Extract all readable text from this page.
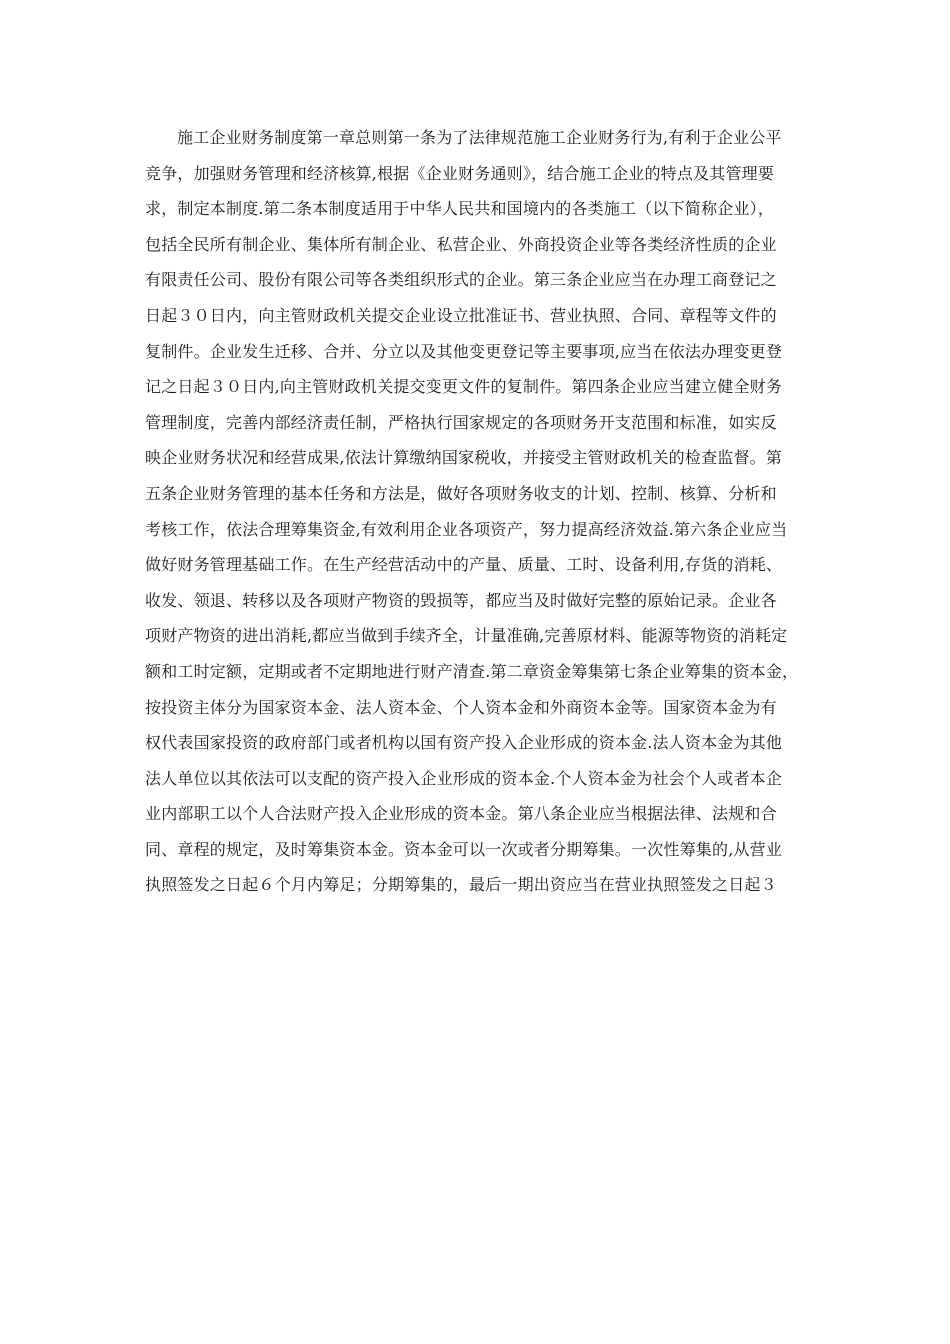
施工企业财务制度第一章总则第一条为了法律规范施工企业财务行为,有利于企业公平

竞争，加强财务管理和经济核算,根据《企业财务通则》，结合施工企业的特点及其管理要

求，制定本制度.第二条本制度适用于中华人民共和国境内的各类施工（以下简称企业），

包括全民所有制企业、集体所有制企业、私营企业、外商投资企业等各类经济性质的企业

有限责任公司、股份有限公司等各类组织形式的企业。第三条企业应当在办理工商登记之

日起３０日内，向主管财政机关提交企业设立批准证书、营业执照、合同、章程等文件的

复制件。企业发生迁移、合并、分立以及其他变更登记等主要事项,应当在依法办理变更登

记之日起３０日内,向主管财政机关提交变更文件的复制件。第四条企业应当建立健全财务

管理制度，完善内部经济责任制，严格执行国家规定的各项财务开支范围和标准，如实反

映企业财务状况和经营成果,依法计算缴纳国家税收，并接受主管财政机关的检查监督。第

五条企业财务管理的基本任务和方法是，做好各项财务收支的计划、控制、核算、分析和

考核工作，依法合理筹集资金,有效利用企业各项资产，努力提高经济效益.第六条企业应当

做好财务管理基础工作。在生产经营活动中的产量、质量、工时、设备利用,存货的消耗、

收发、领退、转移以及各项财产物资的毁损等，都应当及时做好完整的原始记录。企业各

项财产物资的进出消耗,都应当做到手续齐全，计量准确,完善原材料、能源等物资的消耗定

额和工时定额，定期或者不定期地进行财产清查.第二章资金筹集第七条企业筹集的资本金，

按投资主体分为国家资本金、法人资本金、个人资本金和外商资本金等。国家资本金为有

权代表国家投资的政府部门或者机构以国有资产投入企业形成的资本金.法人资本金为其他

法人单位以其依法可以支配的资产投入企业形成的资本金.个人资本金为社会个人或者本企

业内部职工以个人合法财产投入企业形成的资本金。第八条企业应当根据法律、法规和合

同、章程的规定，及时筹集资本金。资本金可以一次或者分期筹集。一次性筹集的,从营业

执照签发之日起６个月内筹足；分期筹集的，最后一期出资应当在营业执照签发之日起３
